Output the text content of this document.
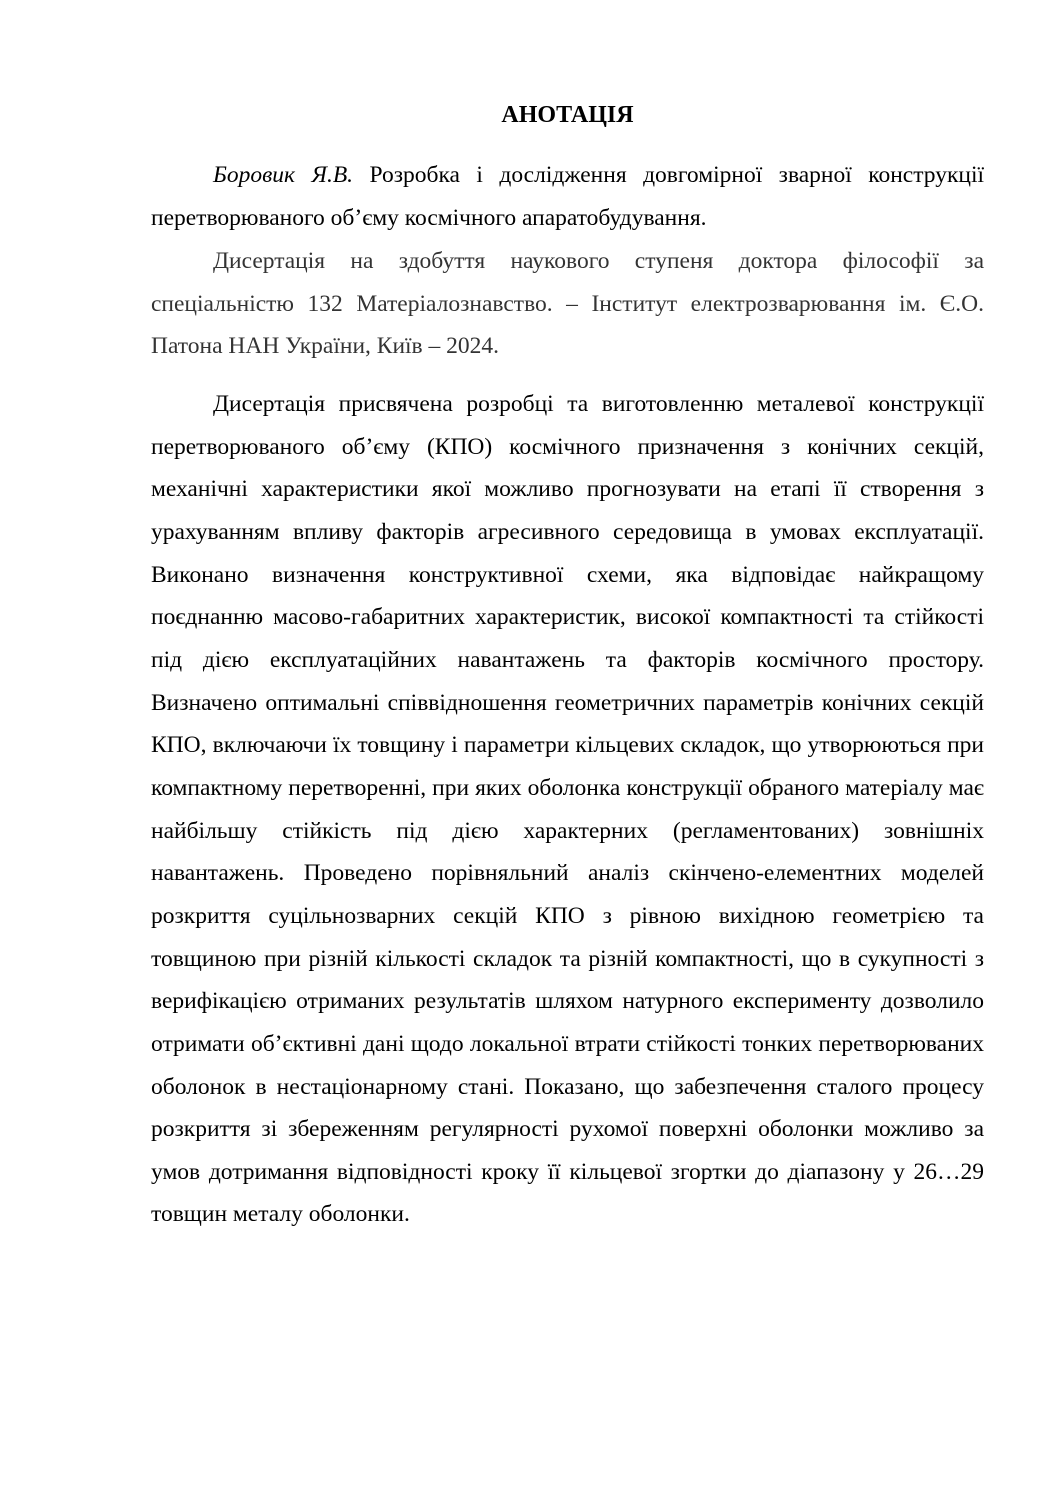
АНОТАЦІЯ

Боровик Я.В. Розробка і дослідження довгомірної зварної конструкції перетворюваного об’єму космічного апаратобудування.

Дисертація на здобуття наукового ступеня доктора філософії за спеціальністю 132 Матеріалознавство. – Інститут електрозварювання ім. Є.О. Патона НАН України, Київ – 2024.

Дисертація присвячена розробці та виготовленню металевої конструкції перетворюваного об’єму (КПО) космічного призначення з конічних секцій, механічні характеристики якої можливо прогнозувати на етапі її створення з урахуванням впливу факторів агресивного середовища в умовах експлуатації. Виконано визначення конструктивної схеми, яка відповідає найкращому поєднанню масово-габаритних характеристик, високої компактності та стійкості під дією експлуатаційних навантажень та факторів космічного простору. Визначено оптимальні співвідношення геометричних параметрів конічних секцій КПО, включаючи їх товщину і параметри кільцевих складок, що утворюються при компактному перетворенні, при яких оболонка конструкції обраного матеріалу має найбільшу стійкість під дією характерних (регламентованих) зовнішніх навантажень. Проведено порівняльний аналіз скінчено-елементних моделей розкриття суцільнозварних секцій КПО з рівною вихідною геометрією та товщиною при різній кількості складок та різній компактності, що в сукупності з верифікацією отриманих результатів шляхом натурного експерименту дозволило отримати об’єктивні дані щодо локальної втрати стійкості тонких перетворюваних оболонок в нестаціонарному стані. Показано, що забезпечення сталого процесу розкриття зі збереженням регулярності рухомої поверхні оболонки можливо за умов дотримання відповідності кроку її кільцевої згортки до діапазону у 26…29 товщин металу оболонки.
